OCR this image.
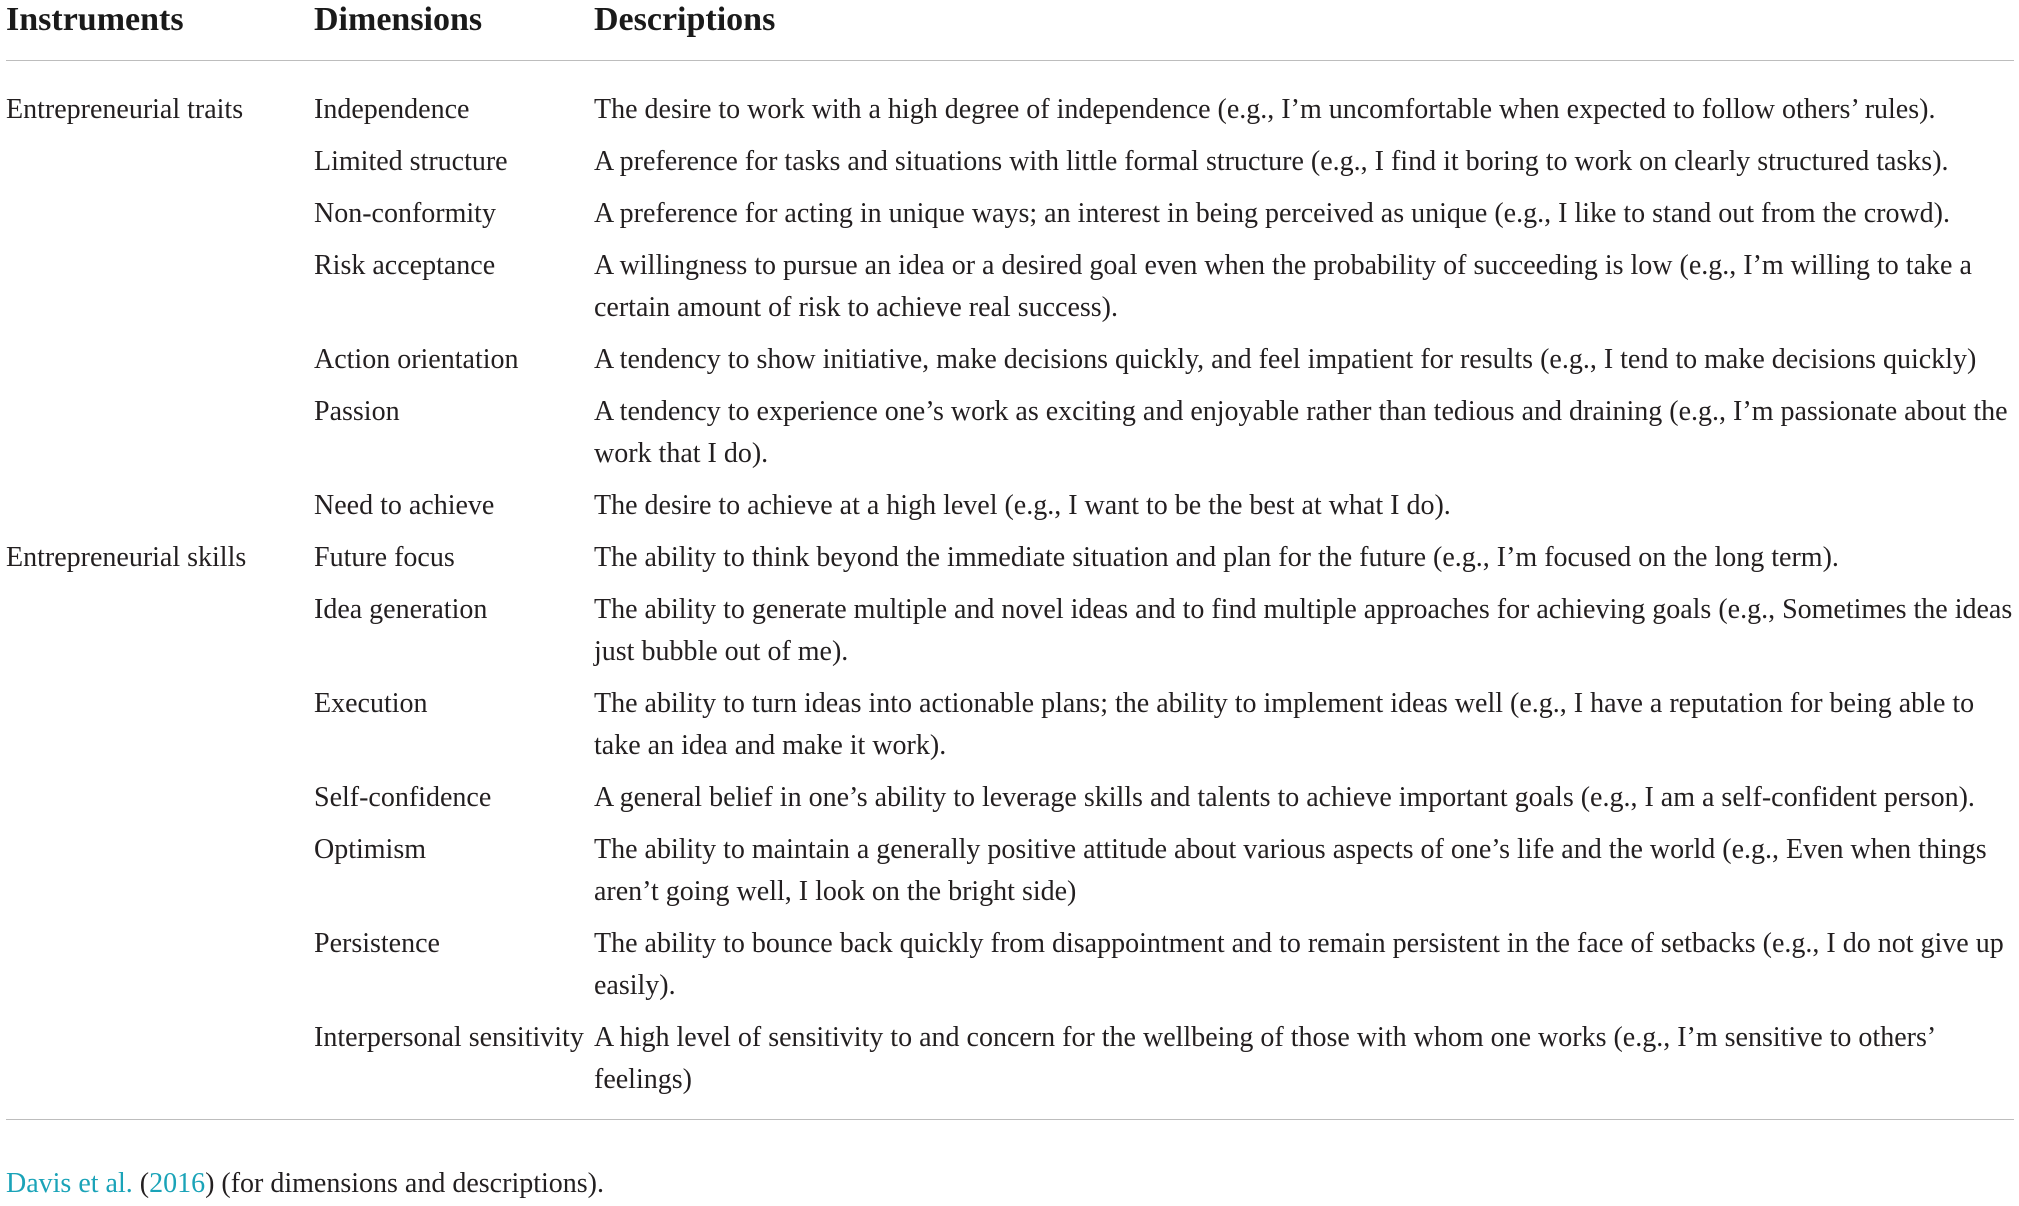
Instruments	Dimensions	Descriptions
Entrepreneurial traits	Independence	The desire to work with a high degree of independence (e.g., I’m uncomfortable when expected to follow others’ rules).
	Limited structure	A preference for tasks and situations with little formal structure (e.g., I find it boring to work on clearly structured tasks).
	Non-conformity	A preference for acting in unique ways; an interest in being perceived as unique (e.g., I like to stand out from the crowd).
	Risk acceptance	A willingness to pursue an idea or a desired goal even when the probability of succeeding is low (e.g., I’m willing to take a certain amount of risk to achieve real success).
	Action orientation	A tendency to show initiative, make decisions quickly, and feel impatient for results (e.g., I tend to make decisions quickly)
	Passion	A tendency to experience one’s work as exciting and enjoyable rather than tedious and draining (e.g., I’m passionate about the work that I do).
	Need to achieve	The desire to achieve at a high level (e.g., I want to be the best at what I do).
Entrepreneurial skills	Future focus	The ability to think beyond the immediate situation and plan for the future (e.g., I’m focused on the long term).
	Idea generation	The ability to generate multiple and novel ideas and to find multiple approaches for achieving goals (e.g., Sometimes the ideas just bubble out of me).
	Execution	The ability to turn ideas into actionable plans; the ability to implement ideas well (e.g., I have a reputation for being able to take an idea and make it work).
	Self-confidence	A general belief in one’s ability to leverage skills and talents to achieve important goals (e.g., I am a self-confident person).
	Optimism	The ability to maintain a generally positive attitude about various aspects of one’s life and the world (e.g., Even when things aren’t going well, I look on the bright side)
	Persistence	The ability to bounce back quickly from disappointment and to remain persistent in the face of setbacks (e.g., I do not give up easily).
	Interpersonal sensitivity	A high level of sensitivity to and concern for the wellbeing of those with whom one works (e.g., I’m sensitive to others’ feelings)
Davis et al. (2016) (for dimensions and descriptions).
